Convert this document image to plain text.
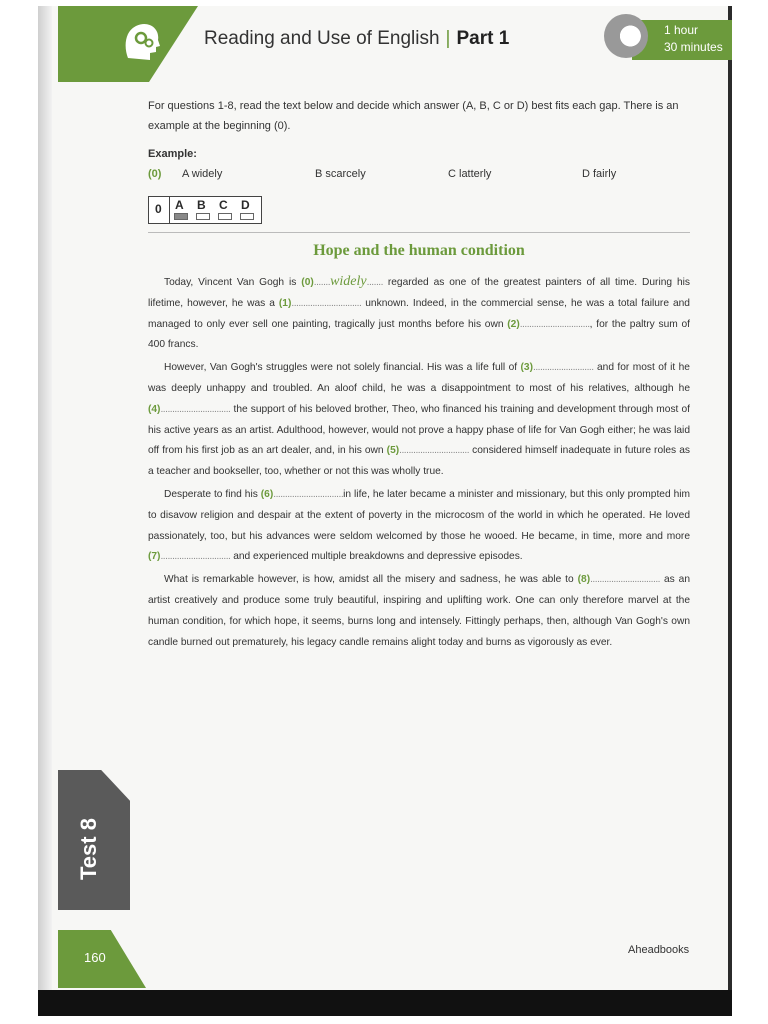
Reading and Use of English | Part 1	1 hour
30 minutes
For questions 1-8, read the text below and decide which answer (A, B, C or D) best fits each gap. There is an example at the beginning (0).
Example:
(0) A widely	B scarcely	C latterly	D fairly
0 A B C D
Hope and the human condition

Today, Vincent Van Gogh is (0).......widely....... regarded as one of the greatest painters of all time. During his lifetime, however, he was a (1).............................. unknown. Indeed, in the commercial sense, he was a total failure and managed to only ever sell one painting, tragically just months before his own (2).............................., for the paltry sum of 400 francs.

However, Van Gogh's struggles were not solely financial. His was a life full of (3).......................... and for most of it he was deeply unhappy and troubled. An aloof child, he was a disappointment to most of his relatives, although he (4).............................. the support of his beloved brother, Theo, who financed his training and development through most of his active years as an artist. Adulthood, however, would not prove a happy phase of life for Van Gogh either; he was laid off from his first job as an art dealer, and, in his own (5).............................. considered himself inadequate in future roles as a teacher and bookseller, too, whether or not this was wholly true.

Desperate to find his (6)..............................in life, he later became a minister and missionary, but this only prompted him to disavow religion and despair at the extent of poverty in the microcosm of the world in which he operated. He loved passionately, too, but his advances were seldom welcomed by those he wooed. He became, in time, more and more (7).............................. and experienced multiple breakdowns and depressive episodes.

What is remarkable however, is how, amidst all the misery and sadness, he was able to (8).............................. as an artist creatively and produce some truly beautiful, inspiring and uplifting work. One can only therefore marvel at the human condition, for which hope, it seems, burns long and intensely. Fittingly perhaps, then, although Van Gogh's own candle burned out prematurely, his legacy candle remains alight today and burns as vigorously as ever.

Test 8
160	Aheadbooks
